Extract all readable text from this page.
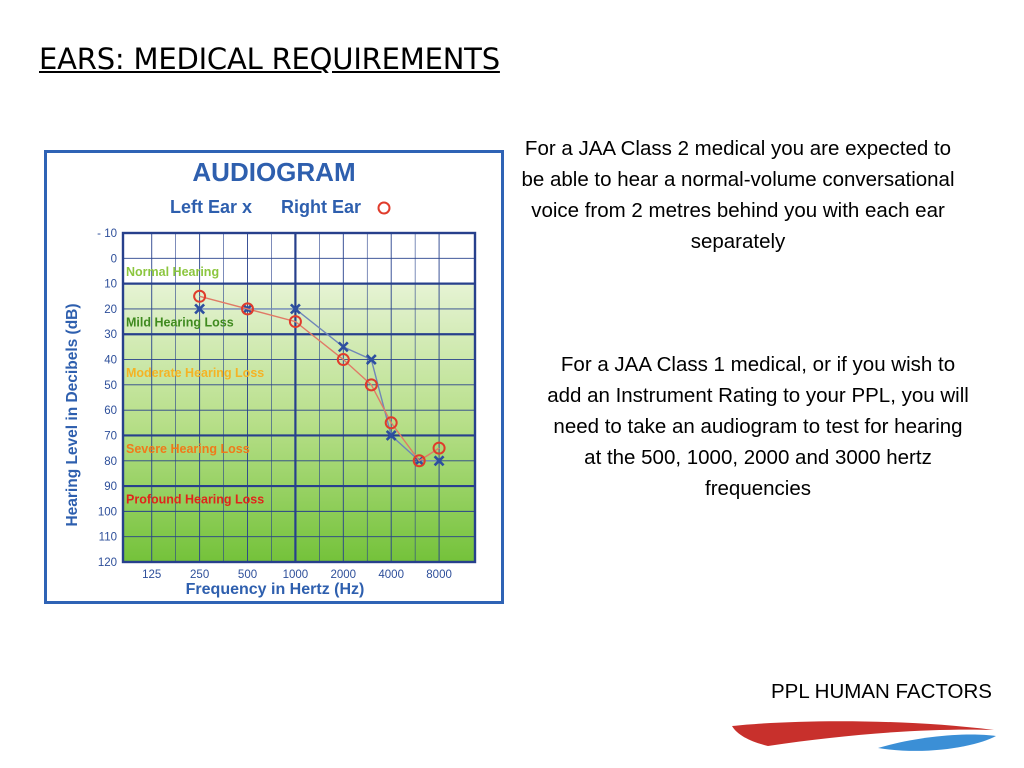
EARS: MEDICAL REQUIREMENTS
AUDIOGRAM
Left Ear x Right Ear
Hearing Level in Decibels (dB)
Frequency in Hertz (Hz)
Normal Hearing
Mild Hearing Loss
Moderate Hearing Loss
Severe Hearing Loss
Profound Hearing Loss
- 10
0
10
20
30
40
50
60
70
80
90
100
110
120
125 250 500 1000 2000 4000 8000

For a JAA Class 2 medical you are expected to be able to hear a normal-volume conversational voice from 2 metres behind you with each ear separately

For a JAA Class 1 medical, or if you wish to add an Instrument Rating to your PPL, you will need to take an audiogram to test for hearing at the 500, 1000, 2000 and 3000 hertz frequencies

PPL HUMAN FACTORS
